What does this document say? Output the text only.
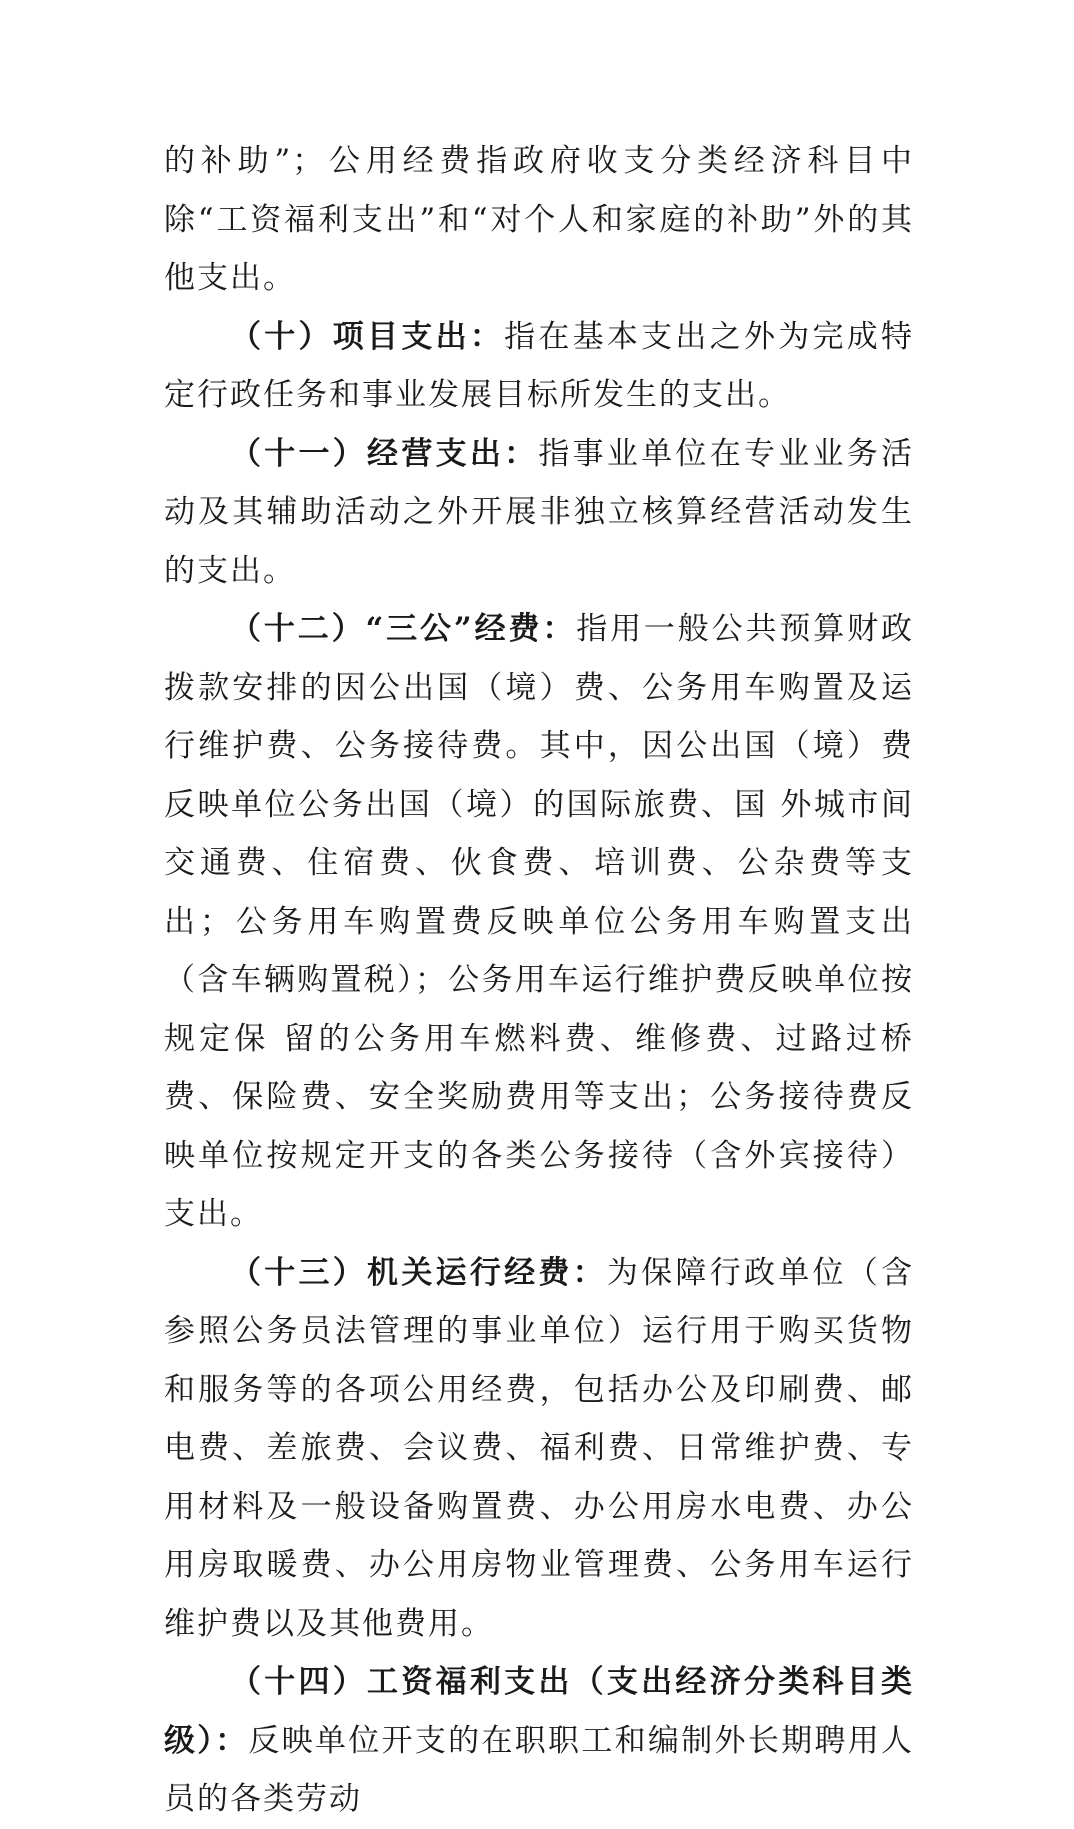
的补助”；公用经费指政府收支分类经济科目中除“工资福利支出”和“对个人和家庭的补助”外的其他支出。

（十）项目支出：指在基本支出之外为完成特定行政任务和事业发展目标所发生的支出。

（十一）经营支出：指事业单位在专业业务活动及其辅助活动之外开展非独立核算经营活动发生的支出。

（十二）“三公”经费：指用一般公共预算财政拨款安排的因公出国（境）费、公务用车购置及运行维护费、公务接待费。其中，因公出国（境）费反映单位公务出国（境）的国际旅费、国 外城市间交通费、住宿费、伙食费、培训费、公杂费等支出；公务用车购置费反映单位公务用车购置支出（含车辆购置税）；公务用车运行维护费反映单位按规定保 留的公务用车燃料费、维修费、过路过桥费、保险费、安全奖励费用等支出；公务接待费反映单位按规定开支的各类公务接待（含外宾接待）支出。

（十三）机关运行经费：为保障行政单位（含参照公务员法管理的事业单位）运行用于购买货物和服务等的各项公用经费，包括办公及印刷费、邮电费、差旅费、会议费、福利费、日常维护费、专用材料及一般设备购置费、办公用房水电费、办公用房取暖费、办公用房物业管理费、公务用车运行维护费以及其他费用。

（十四）工资福利支出（支出经济分类科目类级）：反映单位开支的在职职工和编制外长期聘用人员的各类劳动
